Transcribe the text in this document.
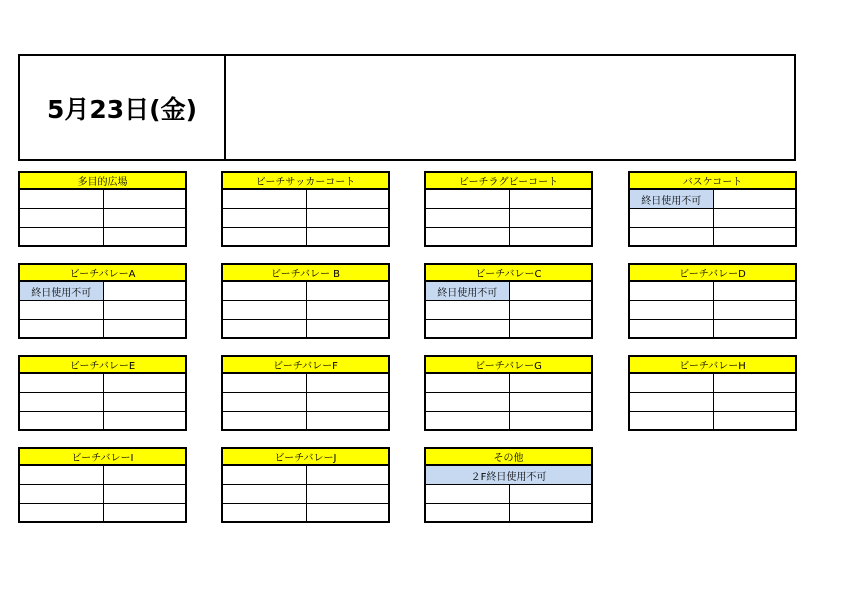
5月23日(金)
多目的広場	ビーチサッカーコート	ビーチラグビーコート	バスケコート
終日使用不可
ビーチバレーA
終日使用不可
ビーチバレー B	ビーチバレーC
終日使用不可
ビーチバレーD
ビーチバレーE	ビーチバレーF	ビーチバレーG	ビーチバレーH
ビーチバレーI	ビーチバレーJ	その他
２F終日使用不可
